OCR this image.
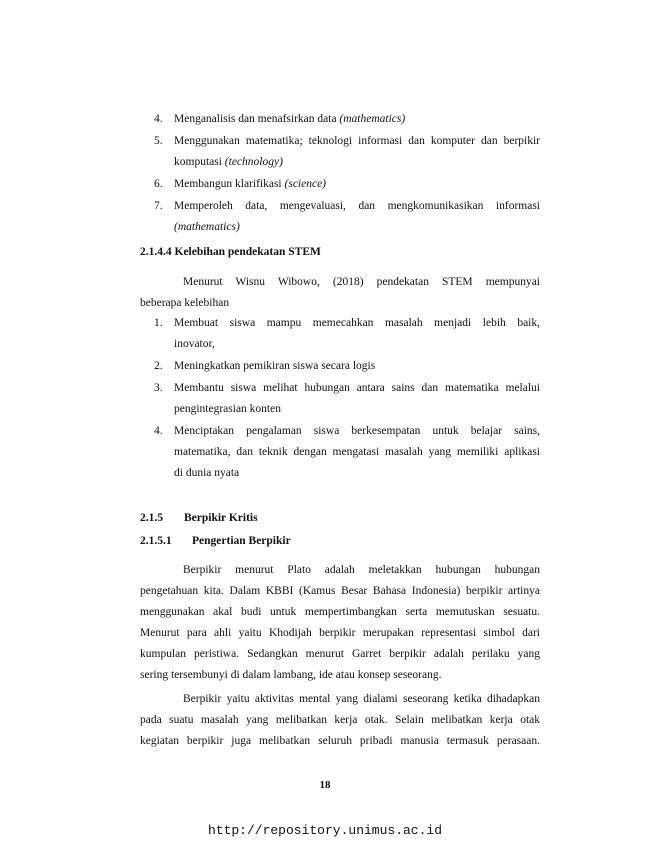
4. Menganalisis dan menafsirkan data (mathematics)
5. Menggunakan matematika; teknologi informasi dan komputer dan berpikir
komputasi (technology)
6. Membangun klarifikasi (science)
7. Memperoleh data, mengevaluasi, dan mengkomunikasikan informasi
(mathematics)
2.1.4.4 Kelebihan pendekatan STEM
Menurut Wisnu Wibowo, (2018) pendekatan STEM mempunyai
beberapa kelebihan
1. Membuat siswa mampu memecahkan masalah menjadi lebih baik,
inovator,
2. Meningkatkan pemikiran siswa secara logis
3. Membantu siswa melihat hubungan antara sains dan matematika melalui
pengintegrasian konten
4. Menciptakan pengalaman siswa berkesempatan untuk belajar sains,
matematika, dan teknik dengan mengatasi masalah yang memiliki aplikasi
di dunia nyata
2.1.5 Berpikir Kritis
2.1.5.1 Pengertian Berpikir
Berpikir menurut Plato adalah meletakkan hubungan hubungan
pengetahuan kita. Dalam KBBI (Kamus Besar Bahasa Indonesia) berpikir artinya
menggunakan akal budi untuk mempertimbangkan serta memutuskan sesuatu.
Menurut para ahli yaitu Khodijah berpikir merupakan representasi simbol dari
kumpulan peristiwa. Sedangkan menurut Garret berpikir adalah perilaku yang
sering tersembunyi di dalam lambang, ide atau konsep seseorang.
Berpikir yaitu aktivitas mental yang dialami seseorang ketika dihadapkan
pada suatu masalah yang melibatkan kerja otak. Selain melibatkan kerja otak
kegiatan berpikir juga melibatkan seluruh pribadi manusia termasuk perasaan.
18
http://repository.unimus.ac.id
